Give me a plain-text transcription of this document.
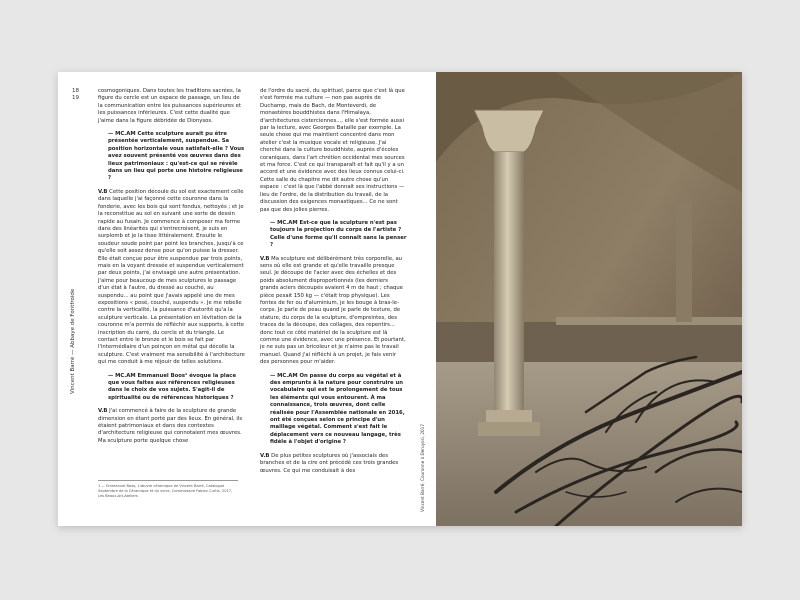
18
19
Vincent Barré — Abbaye de Fontfroide

cosmogoniques. Dans toutes les traditions sacrées, la figure du cercle est un espace de passage, un lieu de la communication entre les puissances supérieures et les puissances inférieures. C'est cette dualité que j'aime dans la figure débridée de Dionysos.

— MC.AM Cette sculpture aurait pu être présentée verticalement, suspendue. Sa position horizontale vous satisfait-elle ? Vous avez souvent présenté vos œuvres dans des lieux patrimoniaux : qu'est-ce qui se révèle dans un lieu qui porte une histoire religieuse ?

V.B Cette position découle du sol est exactement celle dans laquelle j'ai façonné cette couronne dans la fonderie, avec les bois qui sont fondus, nettoyés ; et je la reconstitue au sol en suivant une sorte de dessin rapide au fusain. Je commence à composer ma forme dans des linéarités qui s'entrecroisent, je suis en surplomb et je la tisse littéralement. Ensuite le soudeur soude point par point les branches, jusqu'à ce qu'elle soit assez dense pour qu'on puisse la dresser. Elle était conçue pour être suspendue par trois points, mais en la voyant dressée et suspendue verticalement par deux points, j'ai envisagé une autre présentation. J'aime pour beaucoup de mes sculptures le passage d'un état à l'autre, du dressé au couché, au suspendu... au point que j'avais appelé une de mes expositions « posé, couché, suspendu ». Je me rebelle contre la verticalité, la puissance d'autorité qu'a la sculpture verticale. La présentation en lévitation de la couronne m'a permis de réfléchir aux supports, à cette inscription du carré, du cercle et du triangle. Le contact entre le bronze et le bois se fait par l'intermédiaire d'un poinçon en métal qui décolle la sculpture. C'est vraiment ma sensibilité à l'architecture qui me conduit à me réjouir de telles solutions.

— MC.AM Emmanuel Boos¹ évoque la place que vous faites aux références religieuses dans le choix de vos sujets. S'agit-il de spiritualité ou de références historiques ?

V.B J'ai commencé à faire de la sculpture de grande dimension en étant porté par des lieux. En général, ils étaient patrimoniaux et dans des contextes d'architecture religieuse qui connotaient mes œuvres. Ma sculpture porte quelque chose

de l'ordre du sacré, du spirituel, parce que c'est là que s'est formée ma culture — non pas auprès de Duchamp, mais de Bach, de Monteverdi, de monastères bouddhistes dans l'Himalaya, d'architectures cisterciennes..., elle s'est formée aussi par la lecture, avec Georges Bataille par exemple. La seule chose qui me maintient concentré dans mon atelier c'est la musique vocale et religieuse. J'ai cherché dans la culture bouddhiste, auprès d'écoles coraniques, dans l'art chrétien occidental mes sources et ma force. C'est ce qui transparaît et fait qu'il y a un accord et une évidence avec des lieux connus celui-ci. Cette salle du chapitre me dit autre chose qu'un espace : c'est là que l'abbé donnait ses instructions — lieu de l'ordre, de la distribution du travail, de la discussion des exigences monastiques... Ce ne sont pas que des jolies pierres.

— MC.AM Est-ce que la sculpture n'est pas toujours la projection du corps de l'artiste ? Celle d'une forme qu'il connaît sans la penser ?

V.B Ma sculpture est délibérément très corporelle, au sens où elle est grande et qu'elle travaille presque seul. Je découpe de l'acier avec des échelles et des poids absolument disproportionnés (les derniers grands aciers découpés avaient 4 m de haut ; chaque pièce pesait 150 kg — c'était trop physique). Les fontes de fer ou d'aluminium, je les bouge à bras-le-corps. Je parle de peau quand je parle de texture, de stature, du corps de la sculpture, d'empreintes, des traces de la découpe, des collages, des repentirs... donc tout ce côté matériel de la sculpture est là comme une évidence, avec une présence. Et pourtant, je ne suis pas un bricoleur et je n'aime pas le travail manuel. Quand j'ai réfléchi à un projet, je fais venir des personnes pour m'aider.

— MC.AM On passe du corps au végétal et à des emprunts à la nature pour construire un vocabulaire qui est le prolongement de tous les éléments qui vous entourent. À ma connaissance, trois œuvres, dont celle réalisée pour l'Assemblée nationale en 2016, ont été conçues selon ce principe d'un maillage végétal. Comment s'est fait le déplacement vers ce nouveau langage, très fidèle à l'objet d'origine ?

V.B De plus petites sculptures où j'associais des branches et de la cire ont précédé ces trois grandes œuvres. Ce qui me conduisait à des

1 — Emmanuel Boos, L'œuvre céramique de Vincent Barré, Catalogue Septembre de la Céramique et du verre, Commissaire Fabien Curtis, 2017, Les Beaux-Art-Ateliers	Vincent Barré, Couronne à Deruyssi, 2017
